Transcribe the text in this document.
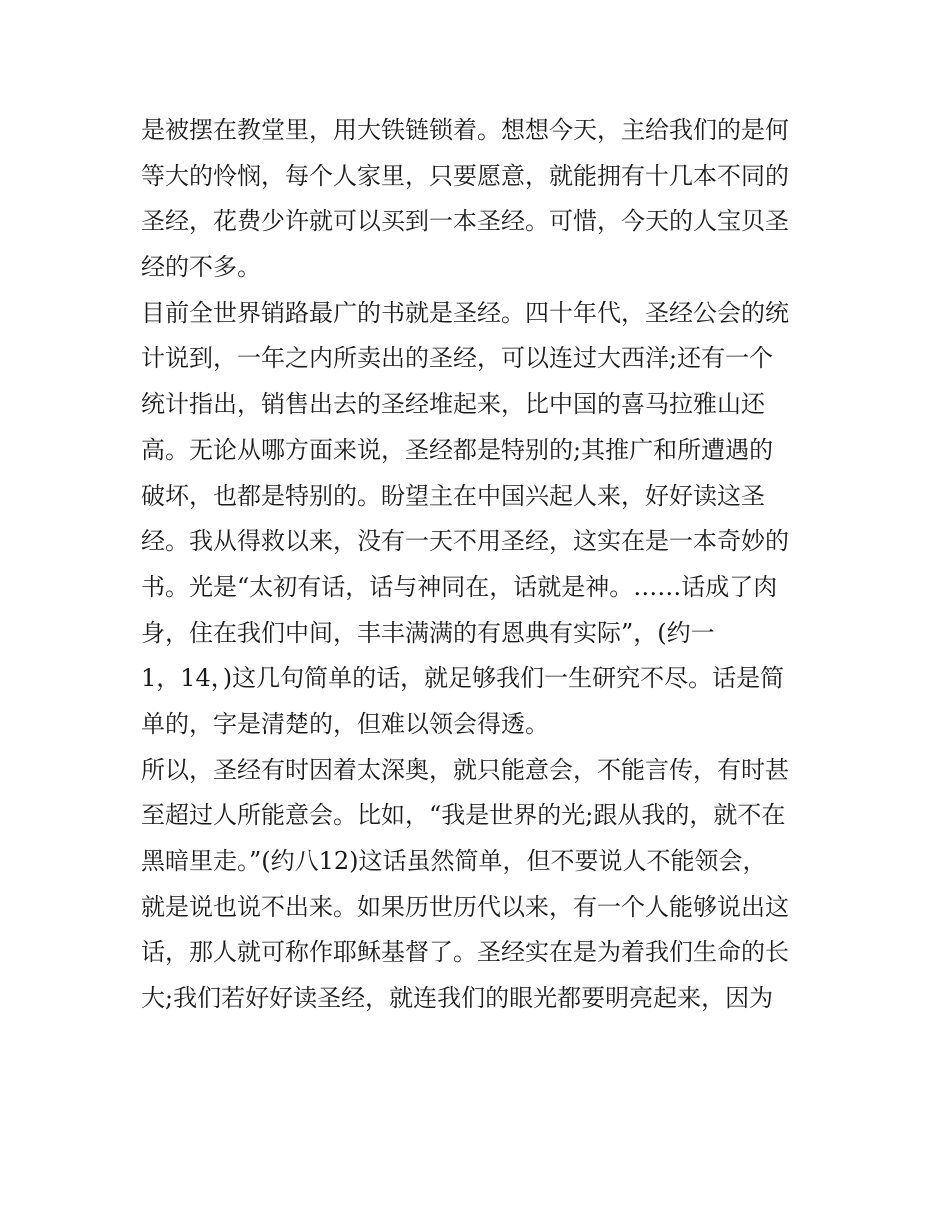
是被摆在教堂里，用大铁链锁着。想想今天，主给我们的是何
等大的怜悯，每个人家里，只要愿意，就能拥有十几本不同的
圣经，花费少许就可以买到一本圣经。可惜，今天的人宝贝圣
经的不多。
目前全世界销路最广的书就是圣经。四十年代，圣经公会的统
计说到，一年之内所卖出的圣经，可以连过大西洋;还有一个
统计指出，销售出去的圣经堆起来，比中国的喜马拉雅山还
高。无论从哪方面来说，圣经都是特别的;其推广和所遭遇的
破坏，也都是特别的。盼望主在中国兴起人来，好好读这圣
经。我从得救以来，没有一天不用圣经，这实在是一本奇妙的
书。光是“太初有话，话与神同在，话就是神。……话成了肉
身，住在我们中间，丰丰满满的有恩典有实际”，(约一
1，14，)这几句简单的话，就足够我们一生研究不尽。话是简
单的，字是清楚的，但难以领会得透。
所以，圣经有时因着太深奥，就只能意会，不能言传，有时甚
至超过人所能意会。比如，“我是世界的光;跟从我的，就不在
黑暗里走。”(约八12)这话虽然简单，但不要说人不能领会，
就是说也说不出来。如果历世历代以来，有一个人能够说出这
话，那人就可称作耶稣基督了。圣经实在是为着我们生命的长
大;我们若好好读圣经，就连我们的眼光都要明亮起来，因为
